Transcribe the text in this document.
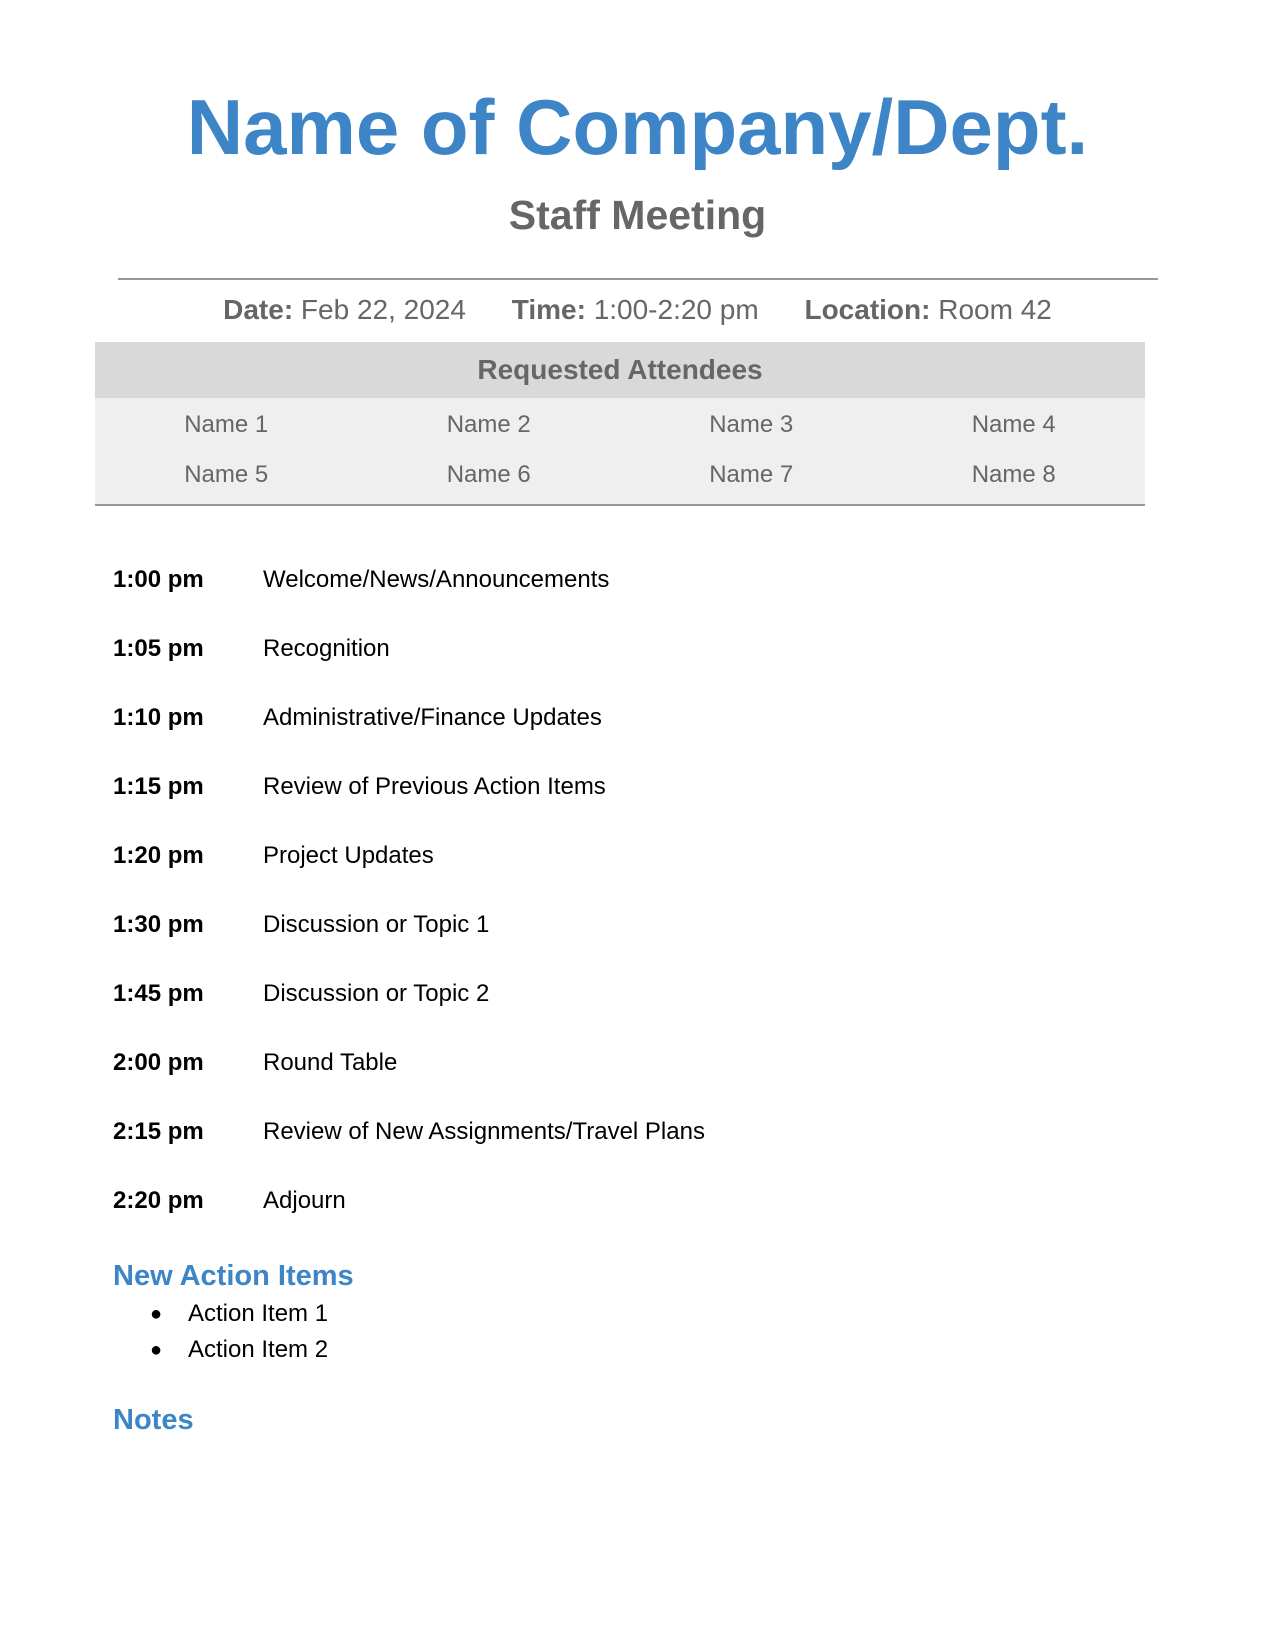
Name of Company/Dept.
Staff Meeting
Date: Feb 22, 2024 Time: 1:00-2:20 pm Location: Room 42
Requested Attendees
Name 1	Name 2	Name 3	Name 4
Name 5	Name 6	Name 7	Name 8
1:00 pm	Welcome/News/Announcements
1:05 pm	Recognition
1:10 pm	Administrative/Finance Updates
1:15 pm	Review of Previous Action Items
1:20 pm	Project Updates
1:30 pm	Discussion or Topic 1
1:45 pm	Discussion or Topic 2
2:00 pm	Round Table
2:15 pm	Review of New Assignments/Travel Plans
2:20 pm	Adjourn
New Action Items
●	Action Item 1
●	Action Item 2
Notes
